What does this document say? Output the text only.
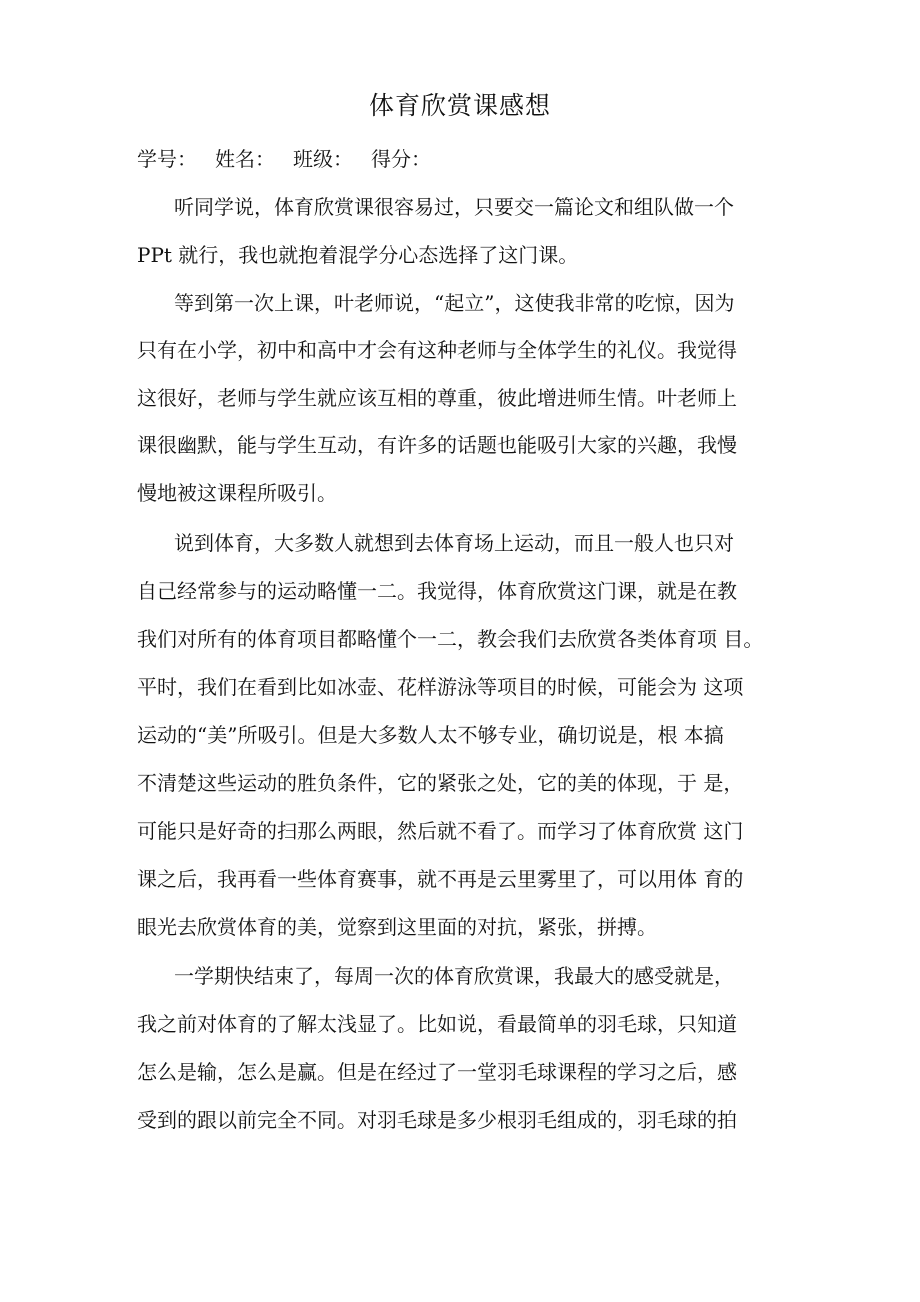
体育欣赏课感想
学号： 姓名： 班级： 得分：
听同学说，体育欣赏课很容易过，只要交一篇论文和组队做一个
PPt 就行，我也就抱着混学分心态选择了这门课。
等到第一次上课，叶老师说，“起立”，这使我非常的吃惊，因为
只有在小学，初中和高中才会有这种老师与全体学生的礼仪。我觉得
这很好，老师与学生就应该互相的尊重，彼此增进师生情。叶老师上
课很幽默，能与学生互动，有许多的话题也能吸引大家的兴趣，我慢
慢地被这课程所吸引。
说到体育，大多数人就想到去体育场上运动，而且一般人也只对
自己经常参与的运动略懂一二。我觉得，体育欣赏这门课，就是在教
我们对所有的体育项目都略懂个一二，教会我们去欣赏各类体育项 目。
平时，我们在看到比如冰壶、花样游泳等项目的时候，可能会为 这项
运动的“美”所吸引。但是大多数人太不够专业，确切说是，根 本搞
不清楚这些运动的胜负条件，它的紧张之处，它的美的体现，于 是，
可能只是好奇的扫那么两眼，然后就不看了。而学习了体育欣赏 这门
课之后，我再看一些体育赛事，就不再是云里雾里了，可以用体 育的
眼光去欣赏体育的美，觉察到这里面的对抗，紧张，拼搏。
一学期快结束了，每周一次的体育欣赏课，我最大的感受就是，
我之前对体育的了解太浅显了。比如说，看最简单的羽毛球，只知道
怎么是输，怎么是赢。但是在经过了一堂羽毛球课程的学习之后，感
受到的跟以前完全不同。对羽毛球是多少根羽毛组成的，羽毛球的拍
